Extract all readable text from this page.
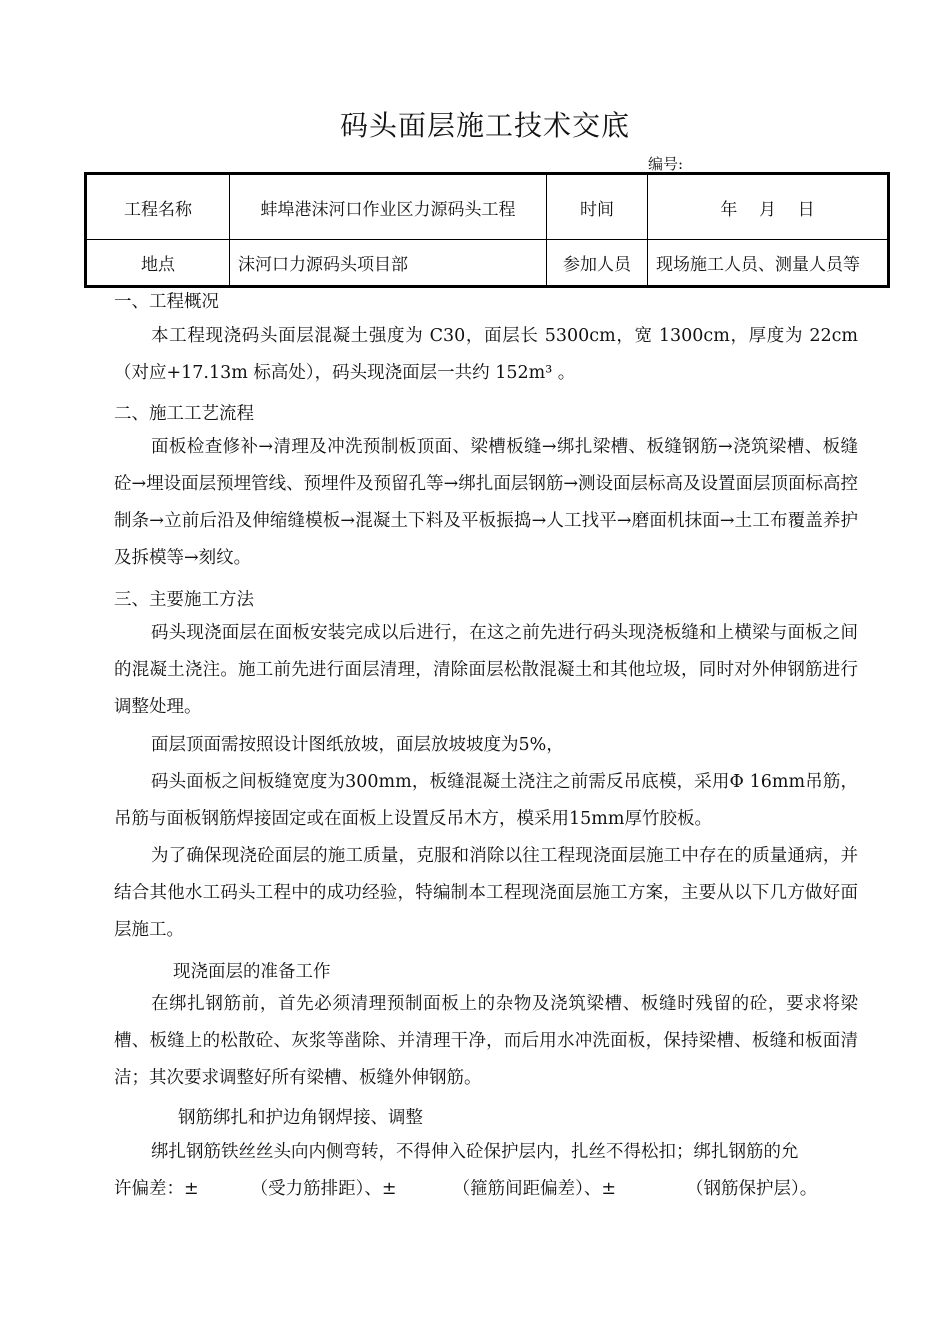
码头面层施工技术交底
编号:
工程名称	蚌埠港沫河口作业区力源码头工程	时间	年    月    日
地点	沫河口力源码头项目部	参加人员	现场施工人员、测量人员等
一、工程概况
本工程现浇码头面层混凝土强度为 C30，面层长 5300cm，宽 1300cm，厚度为 22cm（对应+17.13m 标高处），码头现浇面层一共约 152m³ 。
二、施工工艺流程
面板检查修补→清理及冲洗预制板顶面、梁槽板缝→绑扎梁槽、板缝钢筋→浇筑梁槽、板缝砼→埋设面层预埋管线、预埋件及预留孔等→绑扎面层钢筋→测设面层标高及设置面层顶面标高控制条→立前后沿及伸缩缝模板→混凝土下料及平板振捣→人工找平→磨面机抹面→土工布覆盖养护及拆模等→刻纹。
三、主要施工方法
码头现浇面层在面板安装完成以后进行，在这之前先进行码头现浇板缝和上横梁与面板之间的混凝土浇注。施工前先进行面层清理，清除面层松散混凝土和其他垃圾，同时对外伸钢筋进行调整处理。
面层顶面需按照设计图纸放坡，面层放坡坡度为5%，
码头面板之间板缝宽度为300mm，板缝混凝土浇注之前需反吊底模，采用Φ 16mm吊筋，吊筋与面板钢筋焊接固定或在面板上设置反吊木方，模采用15mm厚竹胶板。
为了确保现浇砼面层的施工质量，克服和消除以往工程现浇面层施工中存在的质量通病，并结合其他水工码头工程中的成功经验，特编制本工程现浇面层施工方案，主要从以下几方做好面层施工。
现浇面层的准备工作
在绑扎钢筋前，首先必须清理预制面板上的杂物及浇筑梁槽、板缝时残留的砼，要求将梁槽、板缝上的松散砼、灰浆等凿除、并清理干净，而后用水冲洗面板，保持梁槽、板缝和板面清洁；其次要求调整好所有梁槽、板缝外伸钢筋。
钢筋绑扎和护边角钢焊接、调整
绑扎钢筋铁丝丝头向内侧弯转，不得伸入砼保护层内，扎丝不得松扣；绑扎钢筋的允
许偏差：±	（受力筋排距）、±	（箍筋间距偏差）、±	（钢筋保护层）。
